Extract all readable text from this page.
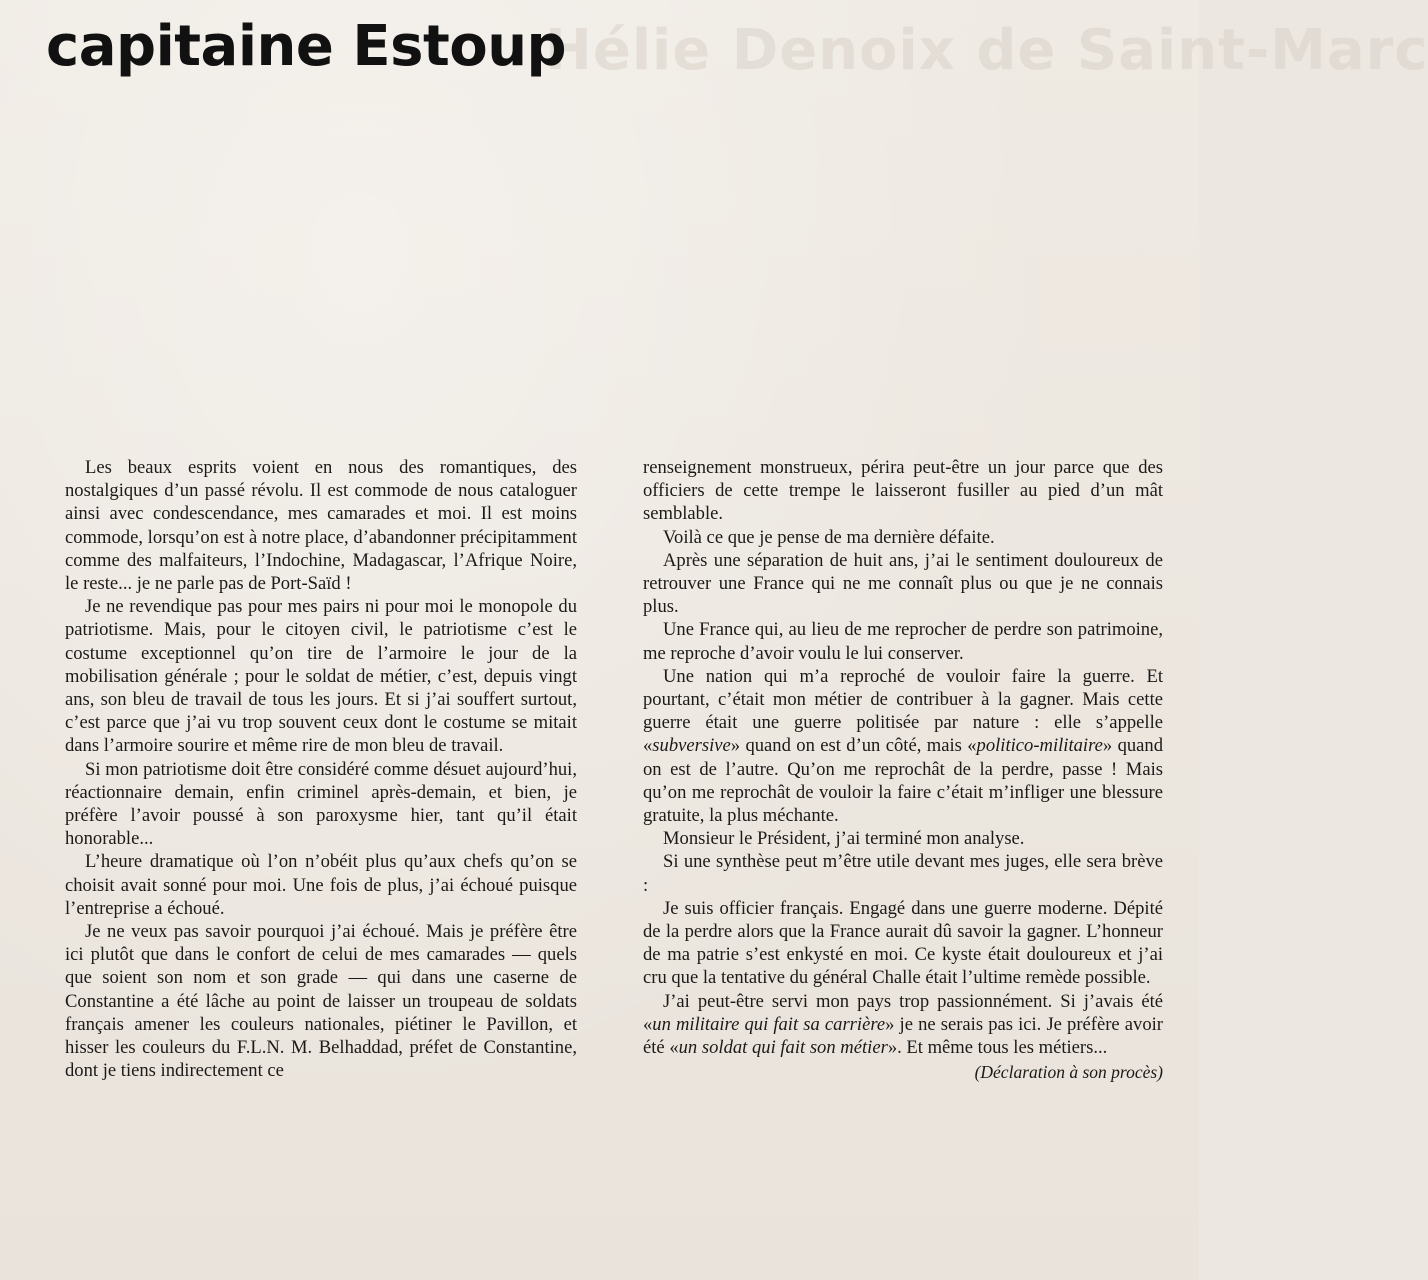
Hélie Denoix de Saint-Marc
capitaine Estoup

Les beaux esprits voient en nous des romantiques, des nostalgiques d’un passé révolu. Il est commode de nous cataloguer ainsi avec condescendance, mes camarades et moi. Il est moins commode, lorsqu’on est à notre place, d’abandonner précipitamment comme des malfaiteurs, l’Indochine, Madagascar, l’Afrique Noire, le reste... je ne parle pas de Port-Saïd !

Je ne revendique pas pour mes pairs ni pour moi le monopole du patriotisme. Mais, pour le citoyen civil, le patriotisme c’est le costume exceptionnel qu’on tire de l’armoire le jour de la mobilisation générale ; pour le soldat de métier, c’est, depuis vingt ans, son bleu de travail de tous les jours. Et si j’ai souffert surtout, c’est parce que j’ai vu trop souvent ceux dont le costume se mitait dans l’armoire sourire et même rire de mon bleu de travail.

Si mon patriotisme doit être considéré comme désuet aujourd’hui, réactionnaire demain, enfin criminel après-demain, et bien, je préfère l’avoir poussé à son paroxysme hier, tant qu’il était honorable...

L’heure dramatique où l’on n’obéit plus qu’aux chefs qu’on se choisit avait sonné pour moi. Une fois de plus, j’ai échoué puisque l’entreprise a échoué.

Je ne veux pas savoir pourquoi j’ai échoué. Mais je préfère être ici plutôt que dans le confort de celui de mes camarades — quels que soient son nom et son grade — qui dans une caserne de Constantine a été lâche au point de laisser un troupeau de soldats français amener les couleurs nationales, piétiner le Pavillon, et hisser les couleurs du F.L.N. M. Belhaddad, préfet de Constantine, dont je tiens indirectement ce

renseignement monstrueux, périra peut-être un jour parce que des officiers de cette trempe le laisseront fusiller au pied d’un mât semblable.

Voilà ce que je pense de ma dernière défaite.

Après une séparation de huit ans, j’ai le sentiment douloureux de retrouver une France qui ne me connaît plus ou que je ne connais plus.

Une France qui, au lieu de me reprocher de perdre son patrimoine, me reproche d’avoir voulu le lui conserver.

Une nation qui m’a reproché de vouloir faire la guerre. Et pourtant, c’était mon métier de contribuer à la gagner. Mais cette guerre était une guerre politisée par nature : elle s’appelle «subversive» quand on est d’un côté, mais «politico-militaire» quand on est de l’autre. Qu’on me reprochât de la perdre, passe ! Mais qu’on me reprochât de vouloir la faire c’était m’infliger une blessure gratuite, la plus méchante.

Monsieur le Président, j’ai terminé mon analyse.

Si une synthèse peut m’être utile devant mes juges, elle sera brève :

Je suis officier français. Engagé dans une guerre moderne. Dépité de la perdre alors que la France aurait dû savoir la gagner. L’honneur de ma patrie s’est enkysté en moi. Ce kyste était douloureux et j’ai cru que la tentative du général Challe était l’ultime remède possible.

J’ai peut-être servi mon pays trop passionnément. Si j’avais été «un militaire qui fait sa carrière» je ne serais pas ici. Je préfère avoir été «un soldat qui fait son métier». Et même tous les métiers...

(Déclaration à son procès)
